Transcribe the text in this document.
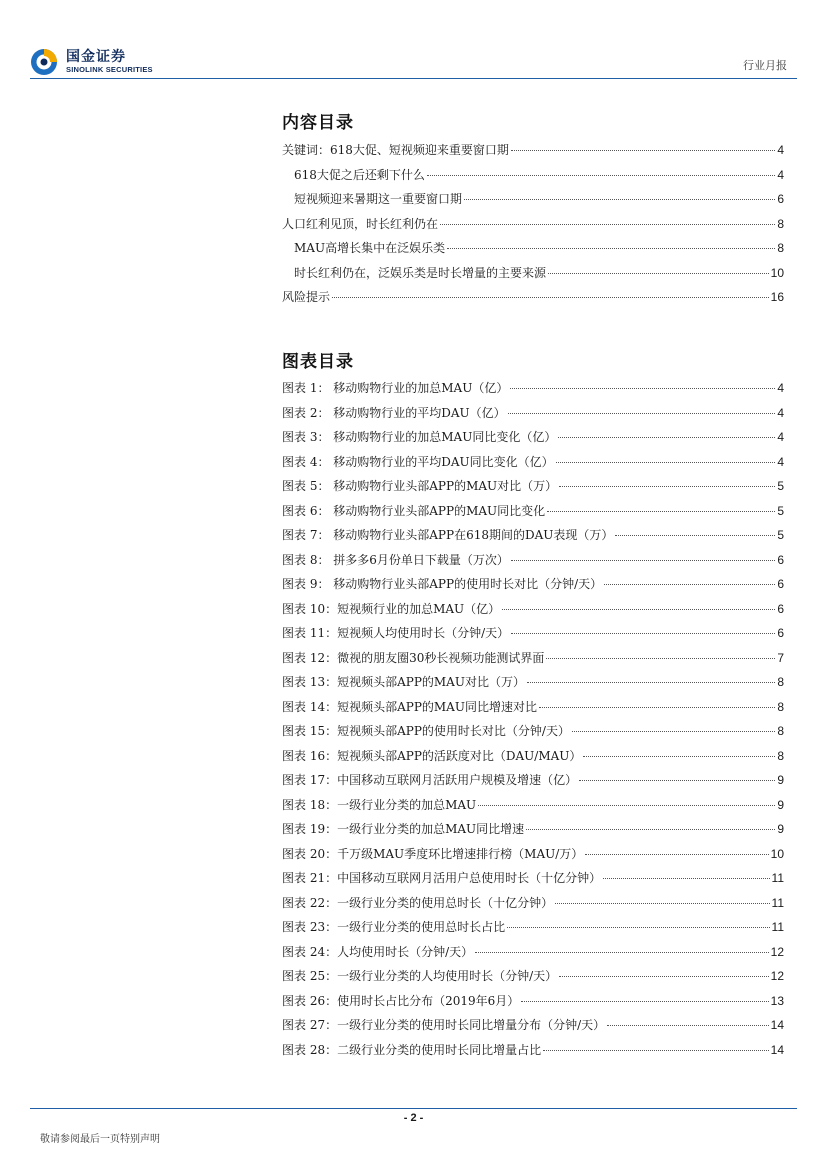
国金证券
SINOLINK SECURITIES	行业月报
内容目录
关键词：618大促、短视频迎来重要窗口期	4
618大促之后还剩下什么	4
短视频迎来暑期这一重要窗口期	6
人口红利见顶，时长红利仍在	8
MAU高增长集中在泛娱乐类	8
时长红利仍在，泛娱乐类是时长增量的主要来源	10
风险提示	16
图表目录
图表 1： 移动购物行业的加总MAU（亿）	4
图表 2： 移动购物行业的平均DAU（亿）	4
图表 3： 移动购物行业的加总MAU同比变化（亿）	4
图表 4： 移动购物行业的平均DAU同比变化（亿）	4
图表 5： 移动购物行业头部APP的MAU对比（万）	5
图表 6： 移动购物行业头部APP的MAU同比变化	5
图表 7： 移动购物行业头部APP在618期间的DAU表现（万）	5
图表 8： 拼多多6月份单日下载量（万次）	6
图表 9： 移动购物行业头部APP的使用时长对比（分钟/天）	6
图表 10：短视频行业的加总MAU（亿）	6
图表 11：短视频人均使用时长（分钟/天）	6
图表 12：微视的朋友圈30秒长视频功能测试界面	7
图表 13：短视频头部APP的MAU对比（万）	8
图表 14：短视频头部APP的MAU同比增速对比	8
图表 15：短视频头部APP的使用时长对比（分钟/天）	8
图表 16：短视频头部APP的活跃度对比（DAU/MAU）	8
图表 17：中国移动互联网月活跃用户规模及增速（亿）	9
图表 18：一级行业分类的加总MAU	9
图表 19：一级行业分类的加总MAU同比增速	9
图表 20：千万级MAU季度环比增速排行榜（MAU/万）	10
图表 21：中国移动互联网月活用户总使用时长（十亿分钟）	11
图表 22：一级行业分类的使用总时长（十亿分钟）	11
图表 23：一级行业分类的使用总时长占比	11
图表 24：人均使用时长（分钟/天）	12
图表 25：一级行业分类的人均使用时长（分钟/天）	12
图表 26：使用时长占比分布（2019年6月）	13
图表 27：一级行业分类的使用时长同比增量分布（分钟/天）	14
图表 28：二级行业分类的使用时长同比增量占比	14
- 2 -
敬请参阅最后一页特别声明
